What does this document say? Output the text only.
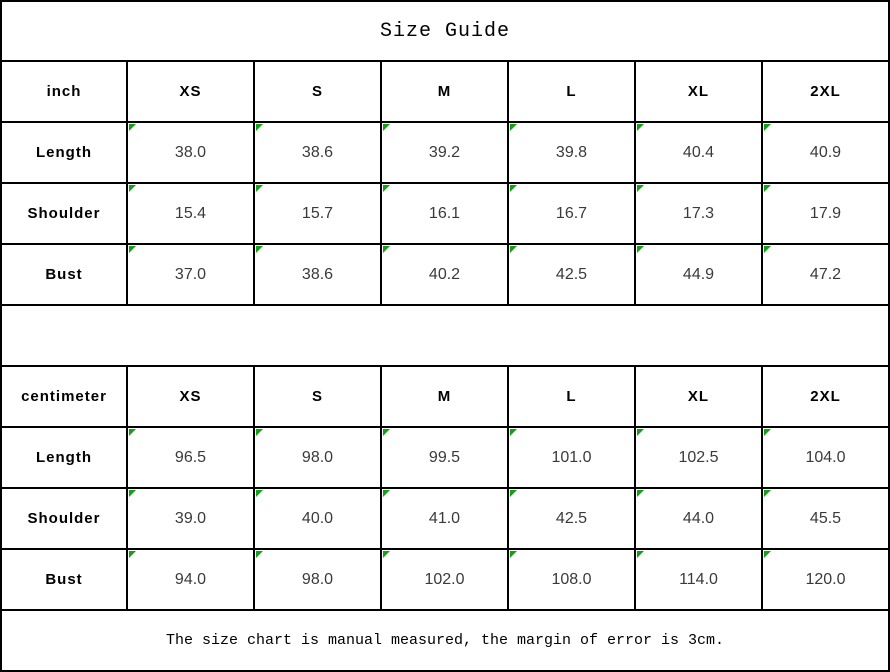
Size Guide						
inch	XS	S	M	L	XL	2XL
Length	38.0	38.6	39.2	39.8	40.4	40.9
Shoulder	15.4	15.7	16.1	16.7	17.3	17.9
Bust	37.0	38.6	40.2	42.5	44.9	47.2

centimeter	XS	S	M	L	XL	2XL
Length	96.5	98.0	99.5	101.0	102.5	104.0
Shoulder	39.0	40.0	41.0	42.5	44.0	45.5
Bust	94.0	98.0	102.0	108.0	114.0	120.0
The size chart is manual measured, the margin of error is 3cm.						
